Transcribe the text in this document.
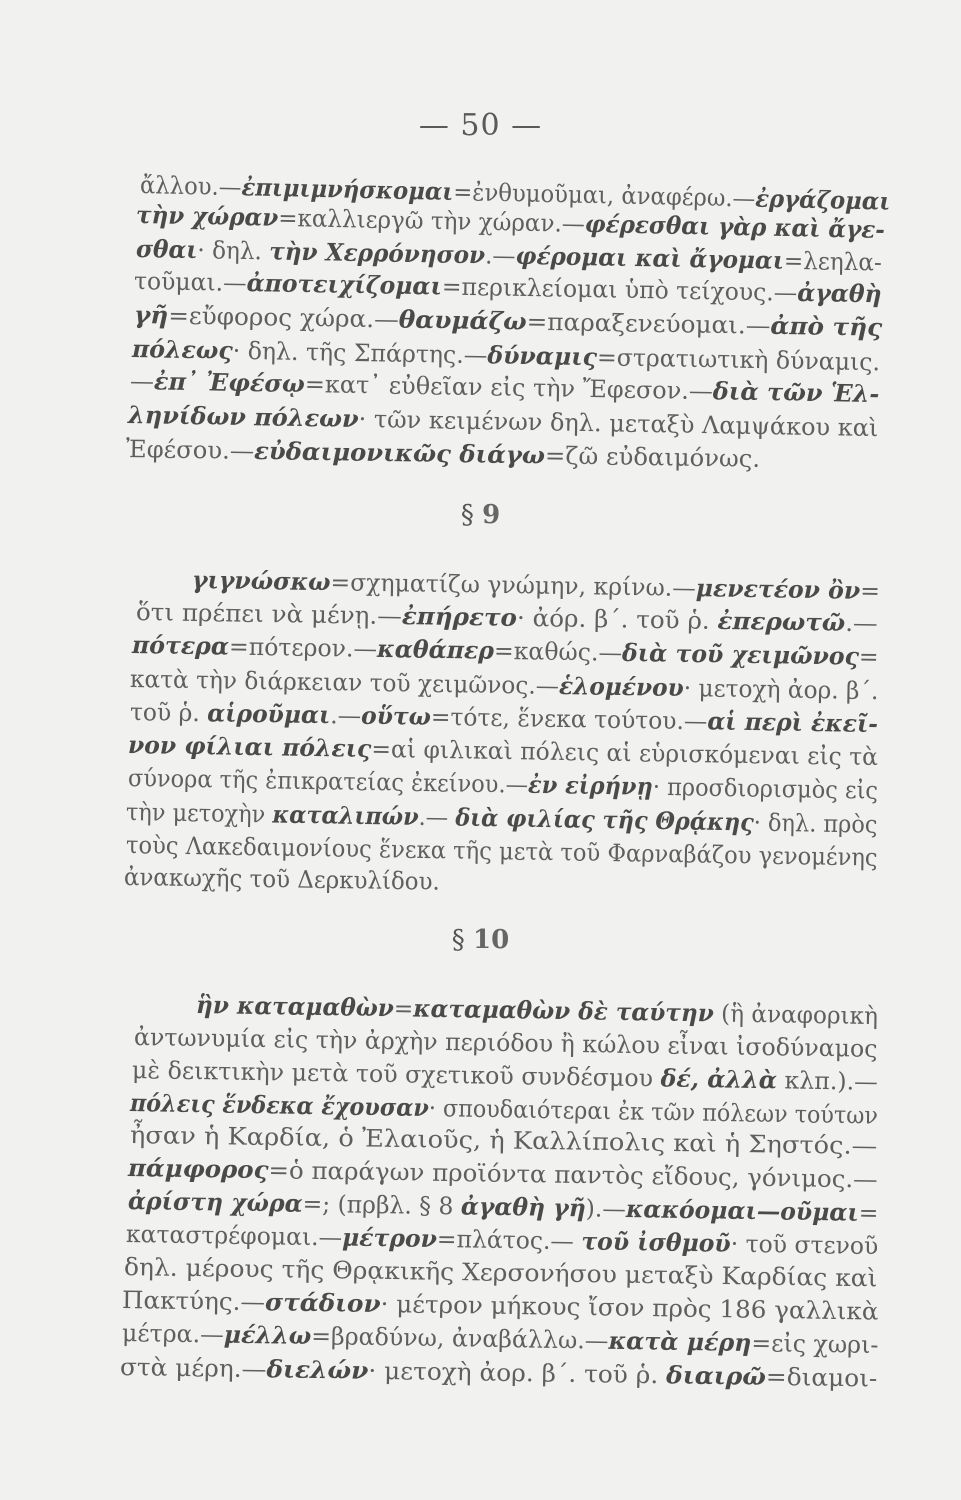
— 50 —
ἄλλου.—ἐπιμιμνήσκομαι=ἐνθυμοῦμαι, ἀναφέρω.—ἐργάζομαι
τὴν χώραν=καλλιεργῶ τὴν χώραν.—φέρεσθαι γὰρ καὶ ἄγε-
σθαι· δηλ. τὴν Χερρόνησον.—φέρομαι καὶ ἄγομαι=λεηλα-
τοῦμαι.—ἀποτειχίζομαι=περικλείομαι ὑπὸ τείχους.—ἀγαθὴ
γῆ=εὔφορος χώρα.—θαυμάζω=παραξενεύομαι.—ἀπὸ τῆς
πόλεως· δηλ. τῆς Σπάρτης.—δύναμις=στρατιωτικὴ δύναμις.
—ἐπ᾽ Ἐφέσῳ=κατ᾽ εὐθεῖαν εἰς τὴν Ἔφεσον.—διὰ τῶν Ἑλ-
ληνίδων πόλεων· τῶν κειμένων δηλ. μεταξὺ Λαμψάκου καὶ
Ἐφέσου.—εὐδαιμονικῶς διάγω=ζῶ εὐδαιμόνως.
§ 9
γιγνώσκω=σχηματίζω γνώμην, κρίνω.—μενετέον ὂν=
ὅτι πρέπει νὰ μένῃ.—ἐπήρετο· ἀόρ. β΄. τοῦ ῥ. ἐπερωτῶ.—
πότερα=πότερον.—καθάπερ=καθώς.—διὰ τοῦ χειμῶνος=
κατὰ τὴν διάρκειαν τοῦ χειμῶνος.—ἑλομένου· μετοχὴ ἀορ. β΄.
τοῦ ῥ. αἱροῦμαι.—οὕτω=τότε, ἕνεκα τούτου.—αἱ περὶ ἐκεῖ-
νον φίλιαι πόλεις=αἱ φιλικαὶ πόλεις αἱ εὑρισκόμεναι εἰς τὰ
σύνορα τῆς ἐπικρατείας ἐκείνου.—ἐν εἰρήνῃ· προσδιορισμὸς εἰς
τὴν μετοχὴν καταλιπών.— διὰ φιλίας τῆς Θρᾴκης· δηλ. πρὸς
τοὺς Λακεδαιμονίους ἕνεκα τῆς μετὰ τοῦ Φαρναβάζου γενομένης
ἀνακωχῆς τοῦ Δερκυλίδου.
§ 10
ἣν καταμαθὼν=καταμαθὼν δὲ ταύτην (ἣ ἀναφορικὴ
ἀντωνυμία εἰς τὴν ἀρχὴν περιόδου ἢ κώλου εἶναι ἰσοδύναμος
μὲ δεικτικὴν μετὰ τοῦ σχετικοῦ συνδέσμου δέ, ἀλλὰ κλπ.).—
πόλεις ἕνδεκα ἔχουσαν· σπουδαιότεραι ἐκ τῶν πόλεων τούτων
ἦσαν ἡ Καρδία, ὁ Ἐλαιοῦς, ἡ Καλλίπολις καὶ ἡ Σηστός.—
πάμφορος=ὁ παράγων προϊόντα παντὸς εἴδους, γόνιμος.—
ἀρίστη χώρα=; (πρβλ. § 8 ἀγαθὴ γῆ).—κακόομαι—οῦμαι=
καταστρέφομαι.—μέτρον=πλάτος.— τοῦ ἰσθμοῦ· τοῦ στενοῦ
δηλ. μέρους τῆς Θρᾳκικῆς Χερσονήσου μεταξὺ Καρδίας καὶ
Πακτύης.—στάδιον· μέτρον μήκους ἴσον πρὸς 186 γαλλικὰ
μέτρα.—μέλλω=βραδύνω, ἀναβάλλω.—κατὰ μέρη=εἰς χωρι-
στὰ μέρη.—διελών· μετοχὴ ἀορ. β΄. τοῦ ῥ. διαιρῶ=διαμοι-
